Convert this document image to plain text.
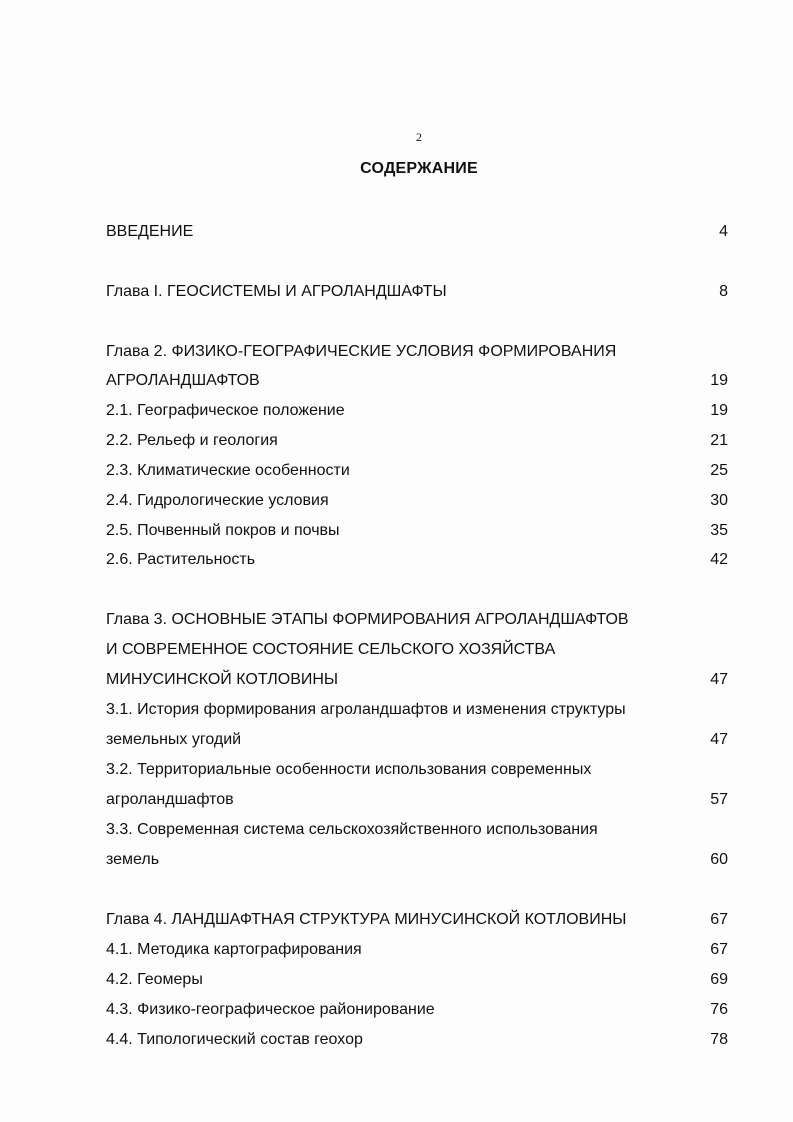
2
СОДЕРЖАНИЕ
ВВЕДЕНИЕ	4
Глава I. ГЕОСИСТЕМЫ И АГРОЛАНДШАФТЫ	8
Глава 2. ФИЗИКО-ГЕОГРАФИЧЕСКИЕ УСЛОВИЯ ФОРМИРОВАНИЯ
АГРОЛАНДШАФТОВ	19
2.1. Географическое положение	19
2.2. Рельеф и геология	21
2.3. Климатические особенности	25
2.4. Гидрологические условия	30
2.5. Почвенный покров и почвы	35
2.6. Растительность	42
Глава 3. ОСНОВНЫЕ ЭТАПЫ ФОРМИРОВАНИЯ АГРОЛАНДШАФТОВ
И СОВРЕМЕННОЕ СОСТОЯНИЕ СЕЛЬСКОГО ХОЗЯЙСТВА
МИНУСИНСКОЙ КОТЛОВИНЫ	47
3.1. История формирования агроландшафтов и изменения структуры
земельных угодий	47
3.2. Территориальные особенности использования современных
агроландшафтов	57
3.3. Современная система сельскохозяйственного использования
земель	60
Глава 4. ЛАНДШАФТНАЯ СТРУКТУРА МИНУСИНСКОЙ КОТЛОВИНЫ	67
4.1. Методика картографирования	67
4.2. Геомеры	69
4.3. Физико-географическое районирование	76
4.4. Типологический состав геохор	78
